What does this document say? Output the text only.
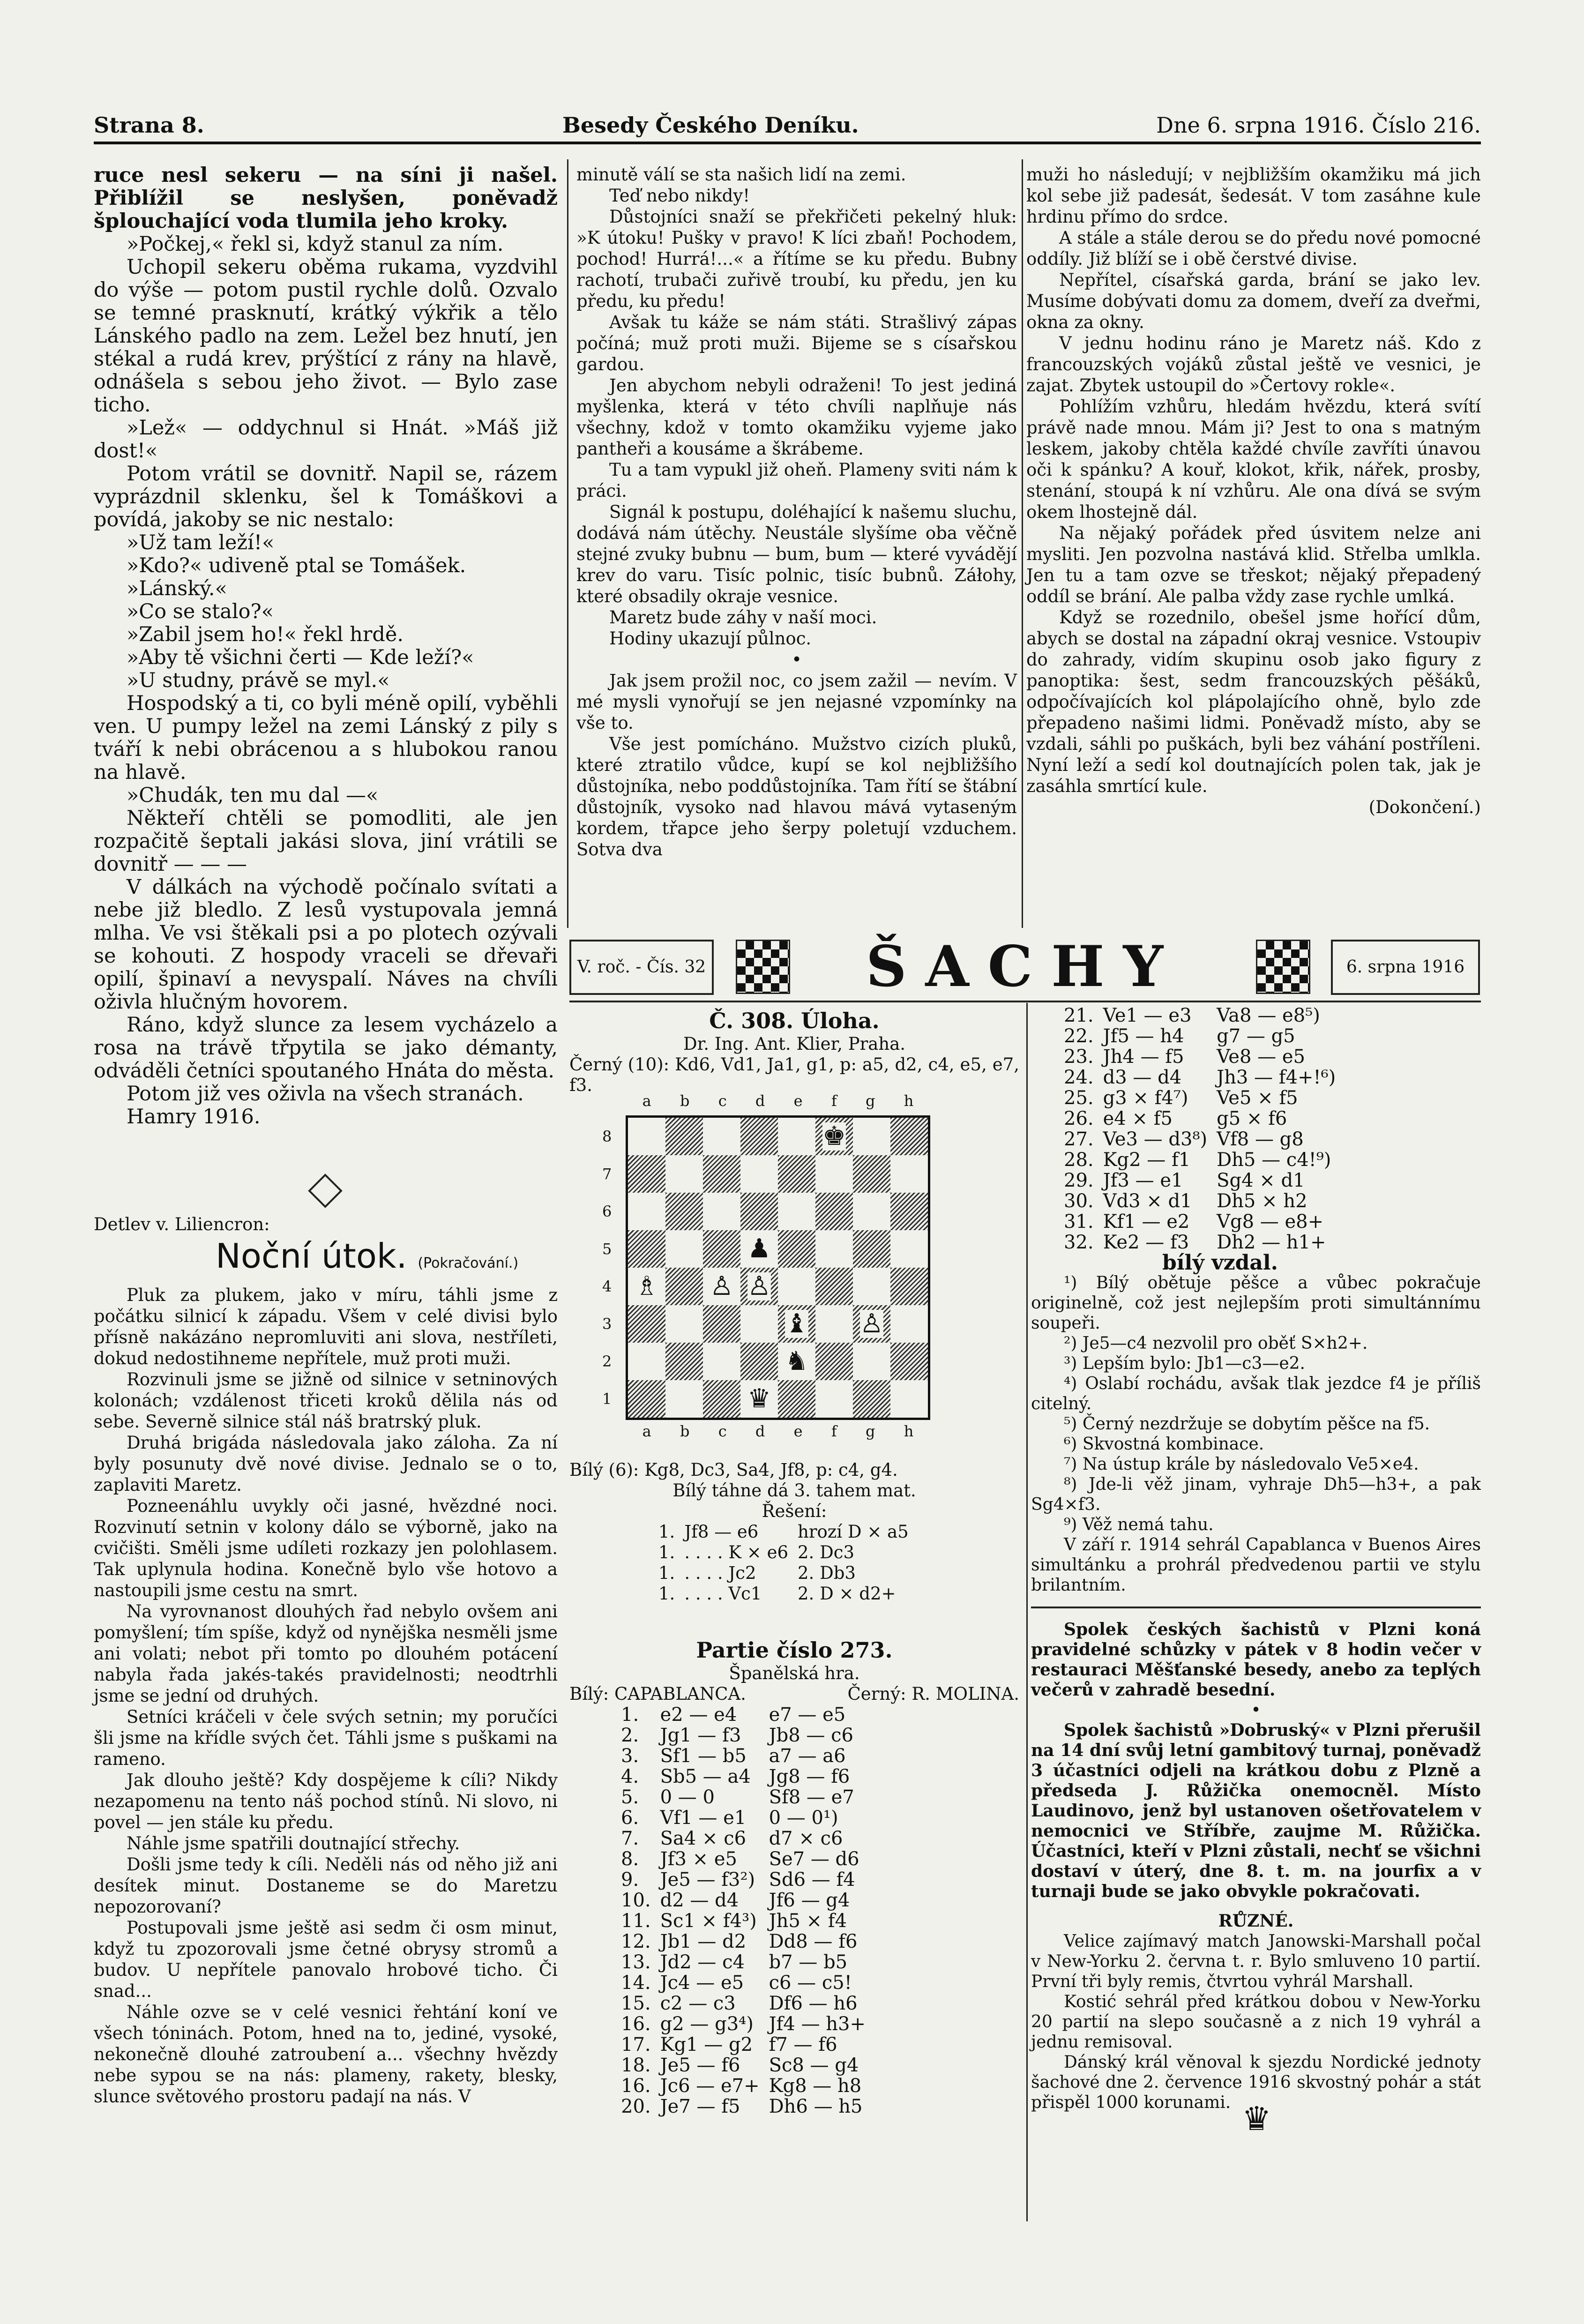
Strana 8.	Besedy Českého Deníku.	Dne 6. srpna 1916. Číslo 216.

ruce nesl sekeru — na síni ji našel. Přiblížil se neslyšen, poněvadž šplouchající voda tlumila jeho kroky.

»Počkej,« řekl si, když stanul za ním.

Uchopil sekeru oběma rukama, vyzdvihl do výše — potom pustil rychle dolů. Ozvalo se temné prasknutí, krátký výkřik a tělo Lánského padlo na zem. Ležel bez hnutí, jen stékal a rudá krev, prýštící z rány na hlavě, odnášela s sebou jeho život. — Bylo zase ticho.

»Lež« — oddychnul si Hnát. »Máš již dost!«

Potom vrátil se dovnitř. Napil se, rázem vyprázdnil sklenku, šel k Tomáškovi a povídá, jakoby se nic nestalo:

»Už tam leží!«

»Kdo?« udiveně ptal se Tomášek.

»Lánský.«

»Co se stalo?«

»Zabil jsem ho!« řekl hrdě.

»Aby tě všichni čerti — Kde leží?«

»U studny, právě se myl.«

Hospodský a ti, co byli méně opilí, vyběhli ven. U pumpy ležel na zemi Lánský z pily s tváří k nebi obrácenou a s hlubokou ranou na hlavě.

»Chudák, ten mu dal —«

Někteří chtěli se pomodliti, ale jen rozpačitě šeptali jakási slova, jiní vrátili se dovnitř — — —

V dálkách na východě počínalo svítati a nebe již bledlo. Z lesů vystupovala jemná mlha. Ve vsi štěkali psi a po plotech ozývali se kohouti. Z hospody vraceli se dřevaři opilí, špinaví a nevyspalí. Náves na chvíli oživla hlučným hovorem.

Ráno, když slunce za lesem vycházelo a rosa na trávě třpytila se jako démanty, odváděli četníci spoutaného Hnáta do města.

Potom již ves oživla na všech stranách.

Hamry 1916.

Detlev v. Liliencron:

Noční útok. (Pokračování.)

Pluk za plukem, jako v míru, táhli jsme z počátku silnicí k západu. Všem v celé divisi bylo přísně nakázáno nepromluviti ani slova, nestříleti, dokud nedostihneme nepřítele, muž proti muži.

Rozvinuli jsme se jižně od silnice v setninových kolonách; vzdálenost třiceti kroků dělila nás od sebe. Severně silnice stál náš bratrský pluk.

Druhá brigáda následovala jako záloha. Za ní byly posunuty dvě nové divise. Jednalo se o to, zaplaviti Maretz.

Pozneenáhlu uvykly oči jasné, hvězdné noci. Rozvinutí setnin v kolony dálo se výborně, jako na cvičišti. Směli jsme udíleti rozkazy jen polohlasem. Tak uplynula hodina. Konečně bylo vše hotovo a nastoupili jsme cestu na smrt.

Na vyrovnanost dlouhých řad nebylo ovšem ani pomyšlení; tím spíše, když od nynějška nesměli jsme ani volati; nebot při tomto po dlouhém potácení nabyla řada jakés-takés pravidelnosti; neodtrhli jsme se jední od druhých.

Setníci kráčeli v čele svých setnin; my poručíci šli jsme na křídle svých čet. Táhli jsme s puškami na rameno.

Jak dlouho ještě? Kdy dospějeme k cíli? Nikdy nezapomenu na tento náš pochod stínů. Ni slovo, ni povel — jen stále ku předu.

Náhle jsme spatřili doutnající střechy.

Došli jsme tedy k cíli. Neděli nás od něho již ani desítek minut. Dostaneme se do Maretzu nepozorovaní?

Postupovali jsme ještě asi sedm či osm minut, když tu zpozorovali jsme četné obrysy stromů a budov. U nepřítele panovalo hrobové ticho. Či snad...

Náhle ozve se v celé vesnici řehtání koní ve všech tóninách. Potom, hned na to, jediné, vysoké, nekonečně dlouhé zatroubení a... všechny hvězdy nebe sypou se na nás: plameny, rakety, blesky, slunce světového prostoru padají na nás. V

minutě válí se sta našich lidí na zemi.

Teď nebo nikdy!

Důstojníci snaží se překřičeti pekelný hluk: »K útoku! Pušky v pravo! K líci zbaň! Pochodem, pochod! Hurrá!...« a řítíme se ku předu. Bubny rachotí, trubači zuřivě troubí, ku předu, jen ku předu, ku předu!

Avšak tu káže se nám státi. Strašlivý zápas počíná; muž proti muži. Bijeme se s císařskou gardou.

Jen abychom nebyli odraženi! To jest jediná myšlenka, která v této chvíli naplňuje nás všechny, kdož v tomto okamžiku vyjeme jako pantheři a kousáme a škrábeme.

Tu a tam vypukl již oheň. Plameny sviti nám k práci.

Signál k postupu, doléhající k našemu sluchu, dodává nám útěchy. Neustále slyšíme oba věčně stejné zvuky bubnu — bum, bum — které vyvádějí krev do varu. Tisíc polnic, tisíc bubnů. Záłohy, které obsadily okraje vesnice.

Maretz bude záhy v naší moci.

Hodiny ukazují půlnoc.

•

Jak jsem prožil noc, co jsem zažil — nevím. V mé mysli vynořují se jen nejasné vzpomínky na vše to.

Vše jest pomícháno. Mužstvo cizích pluků, které ztratilo vůdce, kupí se kol nejbližšího důstojníka, nebo poddůstojníka. Tam řítí se štábní důstojník, vysoko nad hlavou mává vytaseným kordem, třapce jeho šerpy poletují vzduchem. Sotva dva

muži ho následují; v nejbližším okamžiku má jich kol sebe již padesát, šedesát. V tom zasáhne kule hrdinu přímo do srdce.

A stále a stále derou se do předu nové pomocné oddíly. Již blíží se i obě čerstvé divise.

Nepřítel, císařská garda, brání se jako lev. Musíme dobývati domu za domem, dveří za dveřmi, okna za okny.

V jednu hodinu ráno je Maretz náš. Kdo z francouzských vojáků zůstal ještě ve vesnici, je zajat. Zbytek ustoupil do »Čertovy rokle«.

Pohlížím vzhůru, hledám hvězdu, která svítí právě nade mnou. Mám ji? Jest to ona s matným leskem, jakoby chtěla každé chvíle zavříti únavou oči k spánku? A kouř, klokot, křik, nářek, prosby, stenání, stoupá k ní vzhůru. Ale ona dívá se svým okem lhostejně dál.

Na nějaký pořádek před úsvitem nelze ani mysliti. Jen pozvolna nastává klid. Střelba umlkla. Jen tu a tam ozve se třeskot; nějaký přepadený oddíl se brání. Ale palba vždy zase rychle umlká.

Když se rozednilo, obešel jsme hořící dům, abych se dostal na západní okraj vesnice. Vstoupiv do zahrady, vidím skupinu osob jako figury z panoptika: šest, sedm francouzských pěšáků, odpočívajících kol plápolajícího ohně, bylo zde přepadeno našimi lidmi. Poněvadž místo, aby se vzdali, sáhli po puškách, byli bez váhání postříleni. Nyní leží a sedí kol doutnajících polen tak, jak je zasáhla smrtící kule.

(Dokončení.)

V. roč. - Čís. 32	ŠACHY	6. srpna 1916

Č. 308. Úloha.

Dr. Ing. Ant. Klier, Praha.

Černý (10): Kd6, Vd1, Ja1, g1, p: a5, d2, c4, e5, e7, f3.

a b c d e f g h
8
7
6
5
4
3
2
1
♚
♟
♗ ♙ ♙
♝ ♙
♞
♛
a b c d e f g h

Bílý (6): Kg8, Dc3, Sa4, Jf8, p: c4, g4.

Bílý táhne dá 3. tahem mat.

Řešení:

1.	Jf8 — e6	hrozí D × a5
1.	. . . . K × e6	2. Dc3
1.	. . . . Jc2	2. Db3
1.	. . . . Vc1	2. D × d2+

Partie číslo 273.

Španělská hra.

Bílý: CAPABLANCA.	Černý: R. MOLINA.

1.	e2 — e4	e7 — e5
2.	Jg1 — f3	Jb8 — c6
3.	Sf1 — b5	a7 — a6
4.	Sb5 — a4	Jg8 — f6
5.	0 — 0	Sf8 — e7
6.	Vf1 — e1	0 — 0¹)
7.	Sa4 × c6	d7 × c6
8.	Jf3 × e5	Se7 — d6
9.	Je5 — f3²)	Sd6 — f4
10.	d2 — d4	Jf6 — g4
11.	Sc1 × f4³)	Jh5 × f4
12.	Jb1 — d2	Dd8 — f6
13.	Jd2 — c4	b7 — b5
14.	Jc4 — e5	c6 — c5!
15.	c2 — c3	Df6 — h6
16.	g2 — g3⁴)	Jf4 — h3+
17.	Kg1 — g2	f7 — f6
18.	Je5 — f6	Sc8 — g4
16.	Jc6 — e7+	Kg8 — h8
20.	Je7 — f5	Dh6 — h5
21.	Ve1 — e3	Va8 — e8⁵)
22.	Jf5 — h4	g7 — g5
23.	Jh4 — f5	Ve8 — e5
24.	d3 — d4	Jh3 — f4+!⁶)
25.	g3 × f4⁷)	Ve5 × f5
26.	e4 × f5	g5 × f6
27.	Ve3 — d3⁸)	Vf8 — g8
28.	Kg2 — f1	Dh5 — c4!⁹)
29.	Jf3 — e1	Sg4 × d1
30.	Vd3 × d1	Dh5 × h2
31.	Kf1 — e2	Vg8 — e8+
32.	Ke2 — f3	Dh2 — h1+

bílý vzdal.

¹) Bílý obětuje pěšce a vůbec pokračuje originelně, což jest nejlepším proti simultánnímu soupeři.

²) Je5—c4 nezvolil pro oběť S×h2+.

³) Lepším bylo: Jb1—c3—e2.

⁴) Oslabí rochádu, avšak tlak jezdce f4 je příliš citelný.

⁵) Černý nezdržuje se dobytím pěšce na f5.

⁶) Skvostná kombinace.

⁷) Na ústup krále by následovalo Ve5×e4.

⁸) Jde-li věž jinam, vyhraje Dh5—h3+, a pak Sg4×f3.

⁹) Věž nemá tahu.

V září r. 1914 sehrál Capablanca v Buenos Aires simultánku a prohrál předvedenou partii ve stylu brilantním.

Spolek českých šachistů v Plzni koná pravidelné schůzky v pátek v 8 hodin večer v restauraci Měšťanské besedy, anebo za teplých večerů v zahradě besední.

•

Spolek šachistů »Dobruský« v Plzni přerušil na 14 dní svůj letní gambitový turnaj, poněvadž 3 účastníci odjeli na krátkou dobu z Plzně a předseda J. Růžička onemocněl. Místo Laudinovo, jenž byl ustanoven ošetřovatelem v nemocnici ve Stříbře, zaujme M. Růžička. Účastníci, kteří v Plzni zůstali, nechť se všichni dostaví v úterý, dne 8. t. m. na jourfix a v turnaji bude se jako obvykle pokračovati.

RŮZNÉ.

Velice zajímavý match Janowski-Marshall počal v New-Yorku 2. června t. r. Bylo smluveno 10 partií. První tři byly remis, čtvrtou vyhrál Marshall.

Kostić sehrál před krátkou dobou v New-Yorku 20 partií na slepo současně a z nich 19 vyhrál a jednu remisoval.

Dánský král věnoval k sjezdu Nordické jednoty šachové dne 2. července 1916 skvostný pohár a stát přispěl 1000 korunami. ♛
